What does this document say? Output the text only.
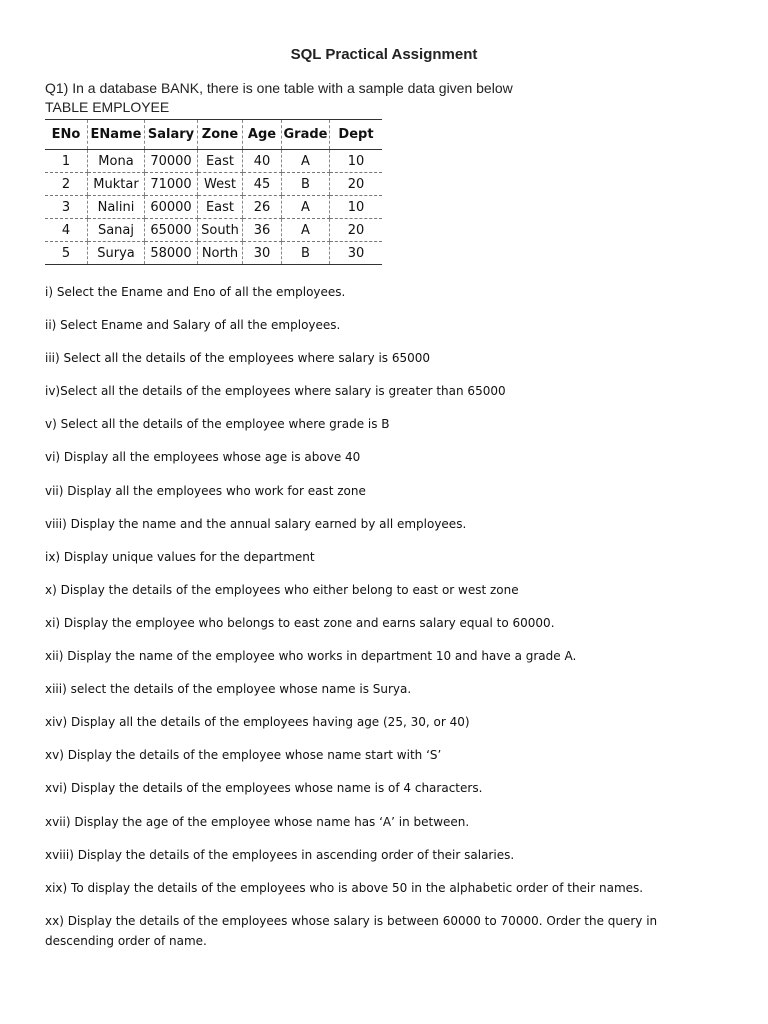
SQL Practical Assignment
Q1) In a database BANK, there is one table with a sample data given below
TABLE EMPLOYEE
ENo	EName	Salary	Zone	Age	Grade	Dept
1	Mona	70000	East	40	A	10
2	Muktar	71000	West	45	B	20
3	Nalini	60000	East	26	A	10
4	Sanaj	65000	South	36	A	20
5	Surya	58000	North	30	B	30
i) Select the Ename and Eno of all the employees.
ii) Select Ename and Salary of all the employees.
iii) Select all the details of the employees where salary is 65000
iv)Select all the details of the employees where salary is greater than 65000
v) Select all the details of the employee where grade is B
vi) Display all the employees whose age is above 40
vii) Display all the employees who work for east zone
viii) Display the name and the annual salary earned by all employees.
ix) Display unique values for the department
x) Display the details of the employees who either belong to east or west zone
xi) Display the employee who belongs to east zone and earns salary equal to 60000.
xii) Display the name of the employee who works in department 10 and have a grade A.
xiii) select the details of the employee whose name is Surya.
xiv) Display all the details of the employees having age (25, 30, or 40)
xv) Display the details of the employee whose name start with ‘S’
xvi) Display the details of the employees whose name is of 4 characters.
xvii) Display the age of the employee whose name has ‘A’ in between.
xviii) Display the details of the employees in ascending order of their salaries.
xix) To display the details of the employees who is above 50 in the alphabetic order of their names.
xx) Display the details of the employees whose salary is between 60000 to 70000. Order the query in descending order of name.
